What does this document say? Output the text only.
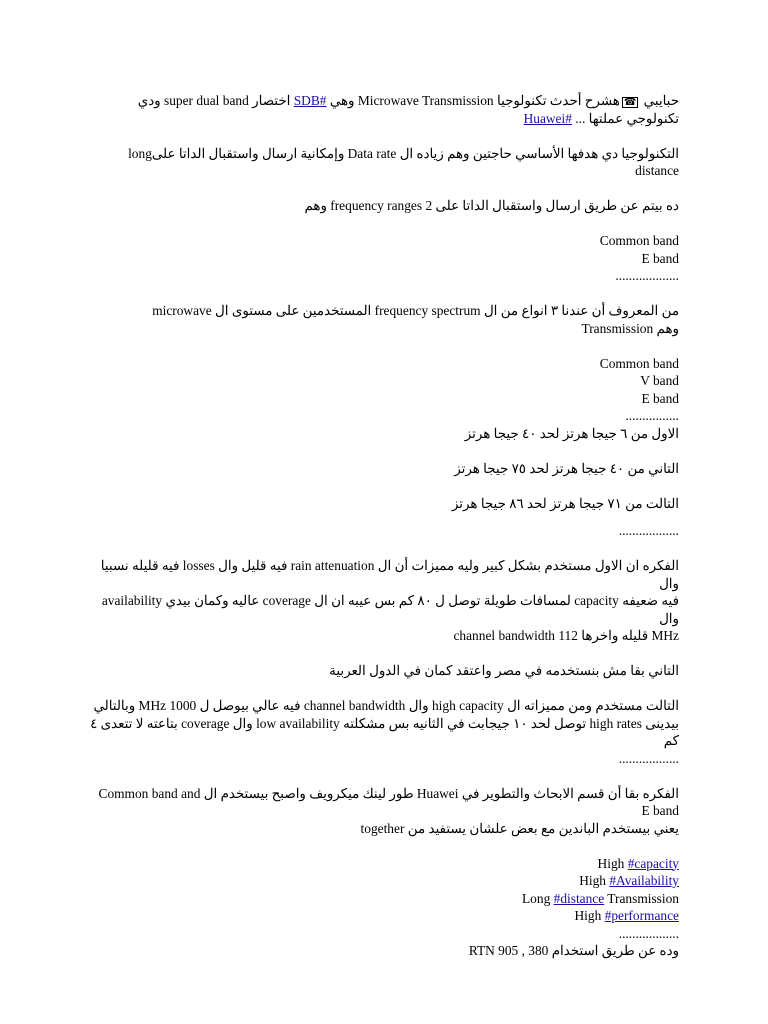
حبايبي ☎هشرح أحدث تكنولوجيا Microwave Transmission وهي #SDB اختصار super dual band ودي

تكنولوجي عملتها ... #Huawei

التكنولوجيا دي هدفها الأساسي حاجتين وهم زياده ال Data rate وإمكانية ارسال واستقبال الداتا علىlong distance

ده بيتم عن طريق ارسال واستقبال الداتا على 2 frequency ranges وهم

Common band

E band

...................

من المعروف أن عندنا ٣ انواع من ال frequency spectrum المستخدمين على مستوى ال microwave

Transmission وهم

Common band

V band

E band

................

الاول من ٦ جيجا هرتز لحد ٤٠ جيجا هرتز

التاني من ٤٠ جيجا هرتز لحد ٧٥ جيجا هرتز

التالت من ٧١ جيجا هرتز لحد ٨٦ جيجا هرتز

..................

الفكره ان الاول مستخدم بشكل كبير وليه مميزات أن ال rain attenuation فيه قليل وال losses فيه قليله نسبيا وال

availability عاليه وكمان بيدي coverage لمسافات طويلة توصل ل ٨٠ كم بس عيبه ان ال capacity فيه ضعيفه وال

channel bandwidth قليله واخرها 112 MHz

التاني بقا مش بنستخدمه في مصر واعتقد كمان في الدول العربية

التالت مستخدم ومن مميزاته ال high capacity وال channel bandwidth فيه عالي بيوصل ل 1000 MHz وبالتالي

بيدينى high rates توصل لحد ١٠ جيجابت في الثانيه بس مشكلته low availability وال coverage بتاعته لا تتعدى ٤

كم

..................

الفكره بقا أن قسم الابحاث والتطوير في Huawei طور لينك ميكرويف واصبح بيستخدم ال Common band and E band

together يعني بيستخدم الباندين مع بعض علشان يستفيد من

High #capacity

High #Availability

Long #distance Transmission

High #performance

..................

وده عن طريق استخدام RTN 905 , 380
